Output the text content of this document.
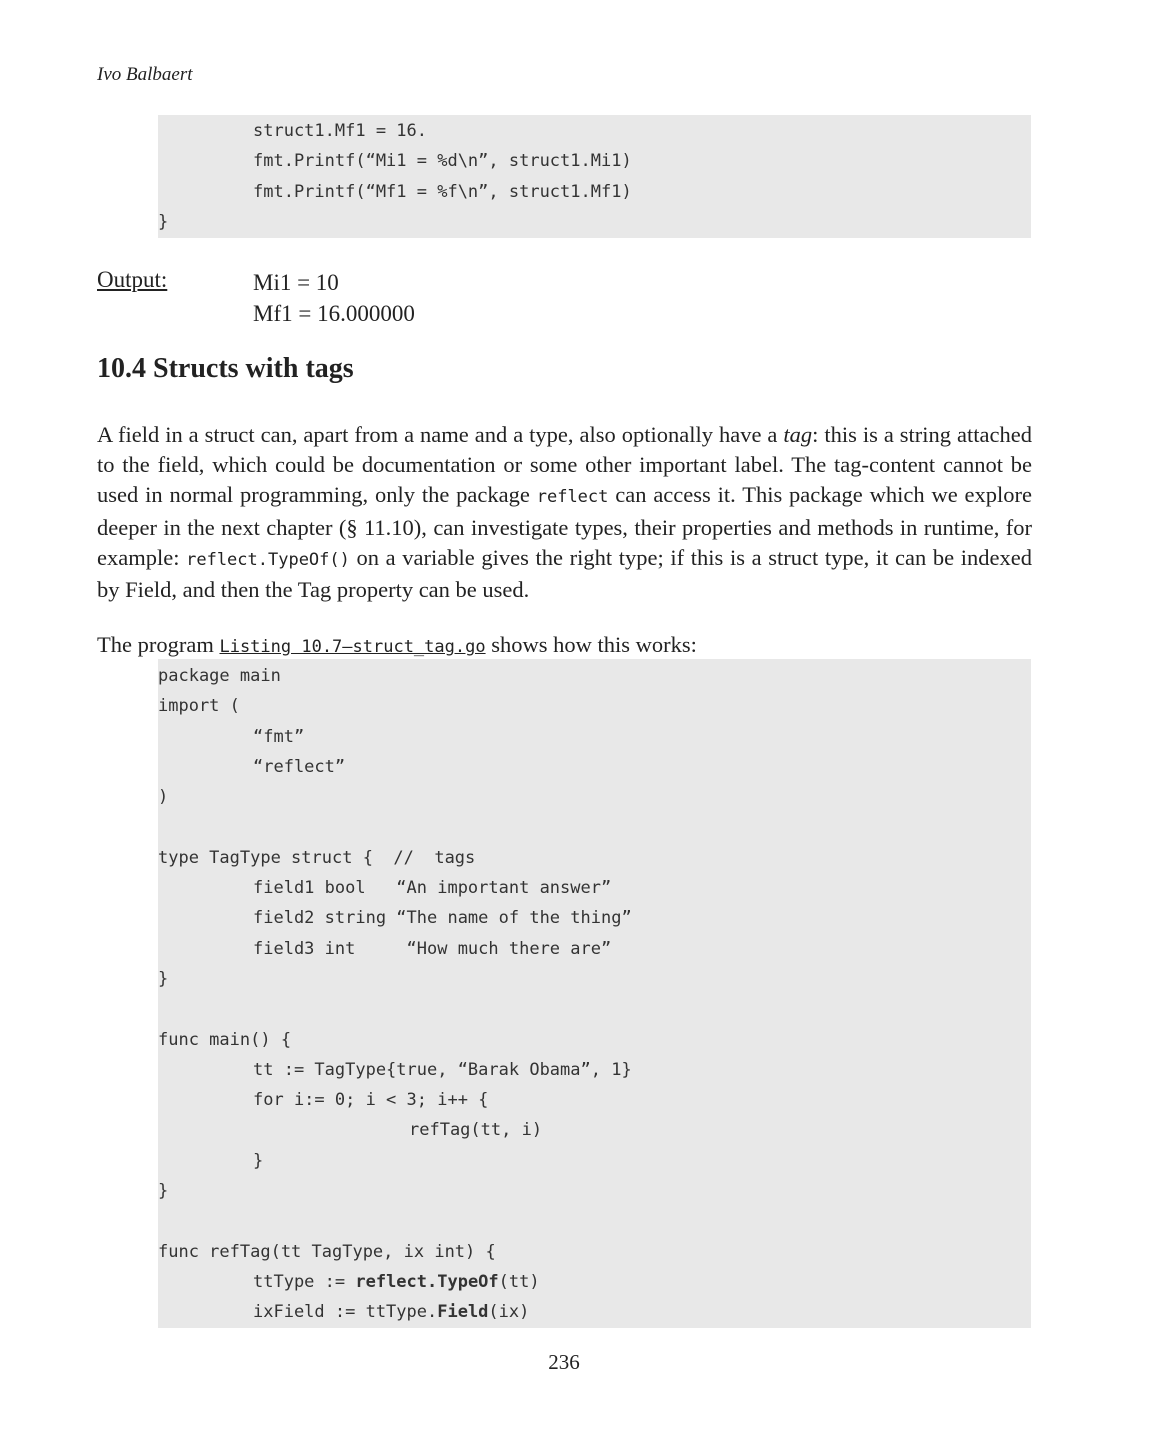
Ivo Balbaert
struct1.Mf1 = 16.
fmt.Printf(“Mi1 = %d\n”, struct1.Mi1)
fmt.Printf(“Mf1 = %f\n”, struct1.Mf1)
}
Output:	Mi1 = 10
Mf1 = 16.000000
10.4 Structs with tags
A field in a struct can, apart from a name and a type, also optionally have a tag: this is a string attached to the field, which could be documentation or some other important label. The tag-content cannot be used in normal programming, only the package reflect can access it. This package which we explore deeper in the next chapter (§ 11.10), can investigate types, their properties and methods in runtime, for example: reflect.TypeOf() on a variable gives the right type; if this is a struct type, it can be indexed by Field, and then the Tag property can be used.
The program Listing 10.7—struct_tag.go shows how this works:
package main
import (
“fmt”
“reflect”
)
type TagType struct {  //  tags
field1 bool   “An important answer”
field2 string “The name of the thing”
field3 int     “How much there are”
}
func main() {
tt := TagType{true, “Barak Obama”, 1}
for i:= 0; i < 3; i++ {
refTag(tt, i)
}
}
func refTag(tt TagType, ix int) {
ttType := reflect.TypeOf(tt)
ixField := ttType.Field(ix)
236
